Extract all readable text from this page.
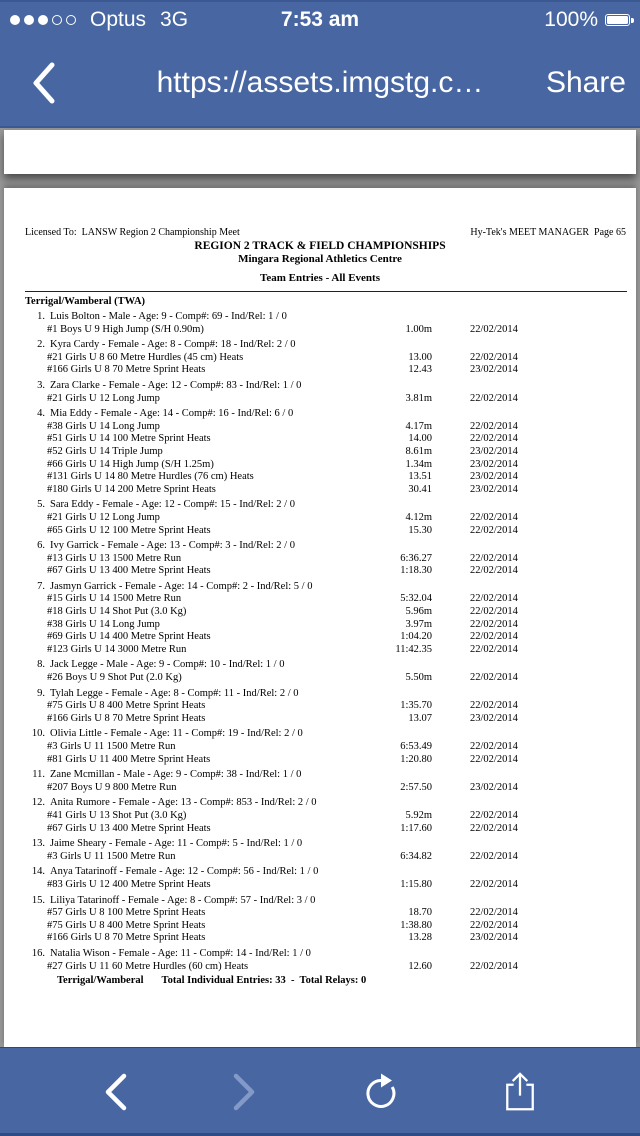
Optus 3G	7:53 am	100%
https://assets.imgstg.c…	Share
Licensed To:  LANSW Region 2 Championship Meet	Hy-Tek's MEET MANAGER  Page 65
REGION 2 TRACK & FIELD CHAMPIONSHIPS
Mingara Regional Athletics Centre
Team Entries - All Events
Terrigal/Wamberal (TWA)
1. Luis Bolton - Male - Age: 9 - Comp#: 69 - Ind/Rel: 1 / 0
#1 Boys U 9 High Jump (S/H 0.90m)	1.00m	22/02/2014
2. Kyra Cardy - Female - Age: 8 - Comp#: 18 - Ind/Rel: 2 / 0
#21 Girls U 8 60 Metre Hurdles (45 cm) Heats	13.00	22/02/2014
#166 Girls U 8 70 Metre Sprint Heats	12.43	23/02/2014
3. Zara Clarke - Female - Age: 12 - Comp#: 83 - Ind/Rel: 1 / 0
#21 Girls U 12 Long Jump	3.81m	22/02/2014
4. Mia Eddy - Female - Age: 14 - Comp#: 16 - Ind/Rel: 6 / 0
#38 Girls U 14 Long Jump	4.17m	22/02/2014
#51 Girls U 14 100 Metre Sprint Heats	14.00	22/02/2014
#52 Girls U 14 Triple Jump	8.61m	23/02/2014
#66 Girls U 14 High Jump (S/H 1.25m)	1.34m	23/02/2014
#131 Girls U 14 80 Metre Hurdles (76 cm) Heats	13.51	23/02/2014
#180 Girls U 14 200 Metre Sprint Heats	30.41	23/02/2014
5. Sara Eddy - Female - Age: 12 - Comp#: 15 - Ind/Rel: 2 / 0
#21 Girls U 12 Long Jump	4.12m	22/02/2014
#65 Girls U 12 100 Metre Sprint Heats	15.30	22/02/2014
6. Ivy Garrick - Female - Age: 13 - Comp#: 3 - Ind/Rel: 2 / 0
#13 Girls U 13 1500 Metre Run	6:36.27	22/02/2014
#67 Girls U 13 400 Metre Sprint Heats	1:18.30	22/02/2014
7. Jasmyn Garrick - Female - Age: 14 - Comp#: 2 - Ind/Rel: 5 / 0
#15 Girls U 14 1500 Metre Run	5:32.04	22/02/2014
#18 Girls U 14 Shot Put (3.0 Kg)	5.96m	22/02/2014
#38 Girls U 14 Long Jump	3.97m	22/02/2014
#69 Girls U 14 400 Metre Sprint Heats	1:04.20	22/02/2014
#123 Girls U 14 3000 Metre Run	11:42.35	22/02/2014
8. Jack Legge - Male - Age: 9 - Comp#: 10 - Ind/Rel: 1 / 0
#26 Boys U 9 Shot Put (2.0 Kg)	5.50m	22/02/2014
9. Tylah Legge - Female - Age: 8 - Comp#: 11 - Ind/Rel: 2 / 0
#75 Girls U 8 400 Metre Sprint Heats	1:35.70	22/02/2014
#166 Girls U 8 70 Metre Sprint Heats	13.07	23/02/2014
10. Olivia Little - Female - Age: 11 - Comp#: 19 - Ind/Rel: 2 / 0
#3 Girls U 11 1500 Metre Run	6:53.49	22/02/2014
#81 Girls U 11 400 Metre Sprint Heats	1:20.80	22/02/2014
11. Zane Mcmillan - Male - Age: 9 - Comp#: 38 - Ind/Rel: 1 / 0
#207 Boys U 9 800 Metre Run	2:57.50	23/02/2014
12. Anita Rumore - Female - Age: 13 - Comp#: 853 - Ind/Rel: 2 / 0
#41 Girls U 13 Shot Put (3.0 Kg)	5.92m	22/02/2014
#67 Girls U 13 400 Metre Sprint Heats	1:17.60	22/02/2014
13. Jaime Sheary - Female - Age: 11 - Comp#: 5 - Ind/Rel: 1 / 0
#3 Girls U 11 1500 Metre Run	6:34.82	22/02/2014
14. Anya Tatarinoff - Female - Age: 12 - Comp#: 56 - Ind/Rel: 1 / 0
#83 Girls U 12 400 Metre Sprint Heats	1:15.80	22/02/2014
15. Liliya Tatarinoff - Female - Age: 8 - Comp#: 57 - Ind/Rel: 3 / 0
#57 Girls U 8 100 Metre Sprint Heats	18.70	22/02/2014
#75 Girls U 8 400 Metre Sprint Heats	1:38.80	22/02/2014
#166 Girls U 8 70 Metre Sprint Heats	13.28	23/02/2014
16. Natalia Wison - Female - Age: 11 - Comp#: 14 - Ind/Rel: 1 / 0
#27 Girls U 11 60 Metre Hurdles (60 cm) Heats	12.60	22/02/2014
Terrigal/Wamberal Total Individual Entries: 33  -  Total Relays: 0
